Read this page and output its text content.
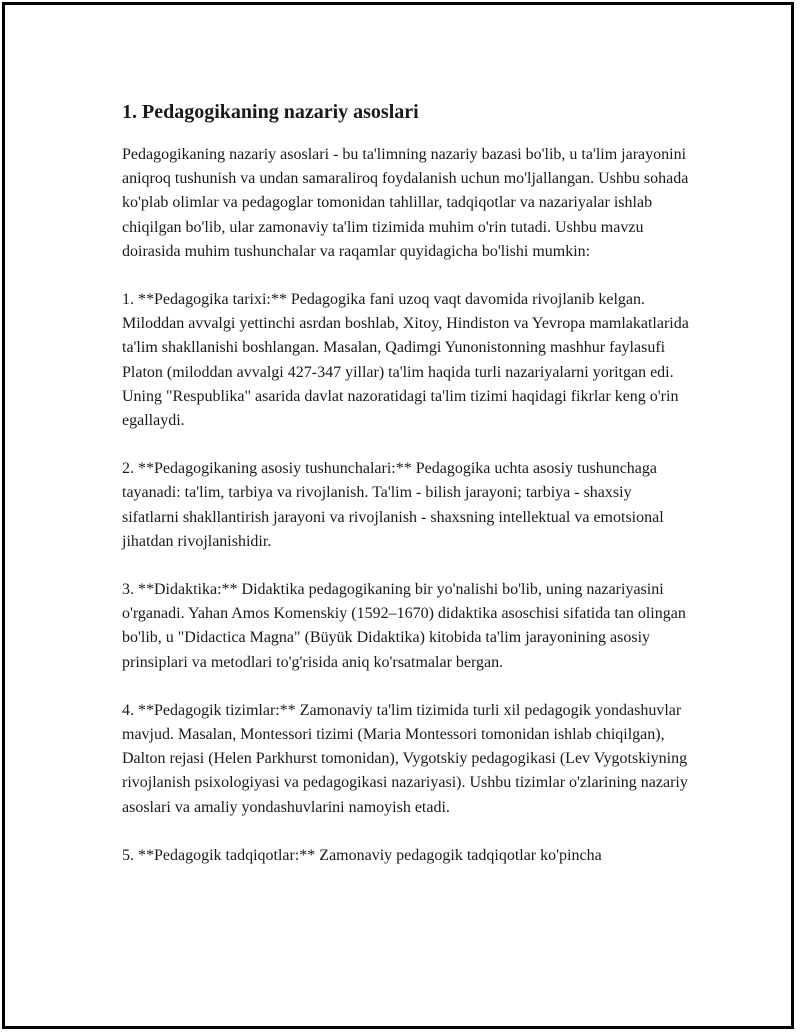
1. Pedagogikaning nazariy asoslari

Pedagogikaning nazariy asoslari - bu ta'limning nazariy bazasi bo'lib, u ta'lim jarayonini aniqroq tushunish va undan samaraliroq foydalanish uchun mo'ljallangan. Ushbu sohada ko'plab olimlar va pedagoglar tomonidan tahlillar, tadqiqotlar va nazariyalar ishlab chiqilgan bo'lib, ular zamonaviy ta'lim tizimida muhim o'rin tutadi. Ushbu mavzu doirasida muhim tushunchalar va raqamlar quyidagicha bo'lishi mumkin:

1. **Pedagogika tarixi:** Pedagogika fani uzoq vaqt davomida rivojlanib kelgan. Miloddan avvalgi yettinchi asrdan boshlab, Xitoy, Hindiston va Yevropa mamlakatlarida ta'lim shakllanishi boshlangan. Masalan, Qadimgi Yunonistonning mashhur faylasufi Platon (miloddan avvalgi 427-347 yillar) ta'lim haqida turli nazariyalarni yoritgan edi. Uning "Respublika" asarida davlat nazoratidagi ta'lim tizimi haqidagi fikrlar keng o'rin egallaydi.

2. **Pedagogikaning asosiy tushunchalari:** Pedagogika uchta asosiy tushunchaga tayanadi: ta'lim, tarbiya va rivojlanish. Ta'lim - bilish jarayoni; tarbiya - shaxsiy sifatlarni shakllantirish jarayoni va rivojlanish - shaxsning intellektual va emotsional jihatdan rivojlanishidir.

3. **Didaktika:** Didaktika pedagogikaning bir yo'nalishi bo'lib, uning nazariyasini o'rganadi. Yahan Amos Komenskiy (1592–1670) didaktika asoschisi sifatida tan olingan bo'lib, u "Didactica Magna" (Büyük Didaktika) kitobida ta'lim jarayonining asosiy prinsiplari va metodlari to'g'risida aniq ko'rsatmalar bergan.

4. **Pedagogik tizimlar:** Zamonaviy ta'lim tizimida turli xil pedagogik yondashuvlar mavjud. Masalan, Montessori tizimi (Maria Montessori tomonidan ishlab chiqilgan), Dalton rejasi (Helen Parkhurst tomonidan), Vygotskiy pedagogikasi (Lev Vygotskiyning rivojlanish psixologiyasi va pedagogikasi nazariyasi). Ushbu tizimlar o'zlarining nazariy asoslari va amaliy yondashuvlarini namoyish etadi.

5. **Pedagogik tadqiqotlar:** Zamonaviy pedagogik tadqiqotlar ko'pincha
